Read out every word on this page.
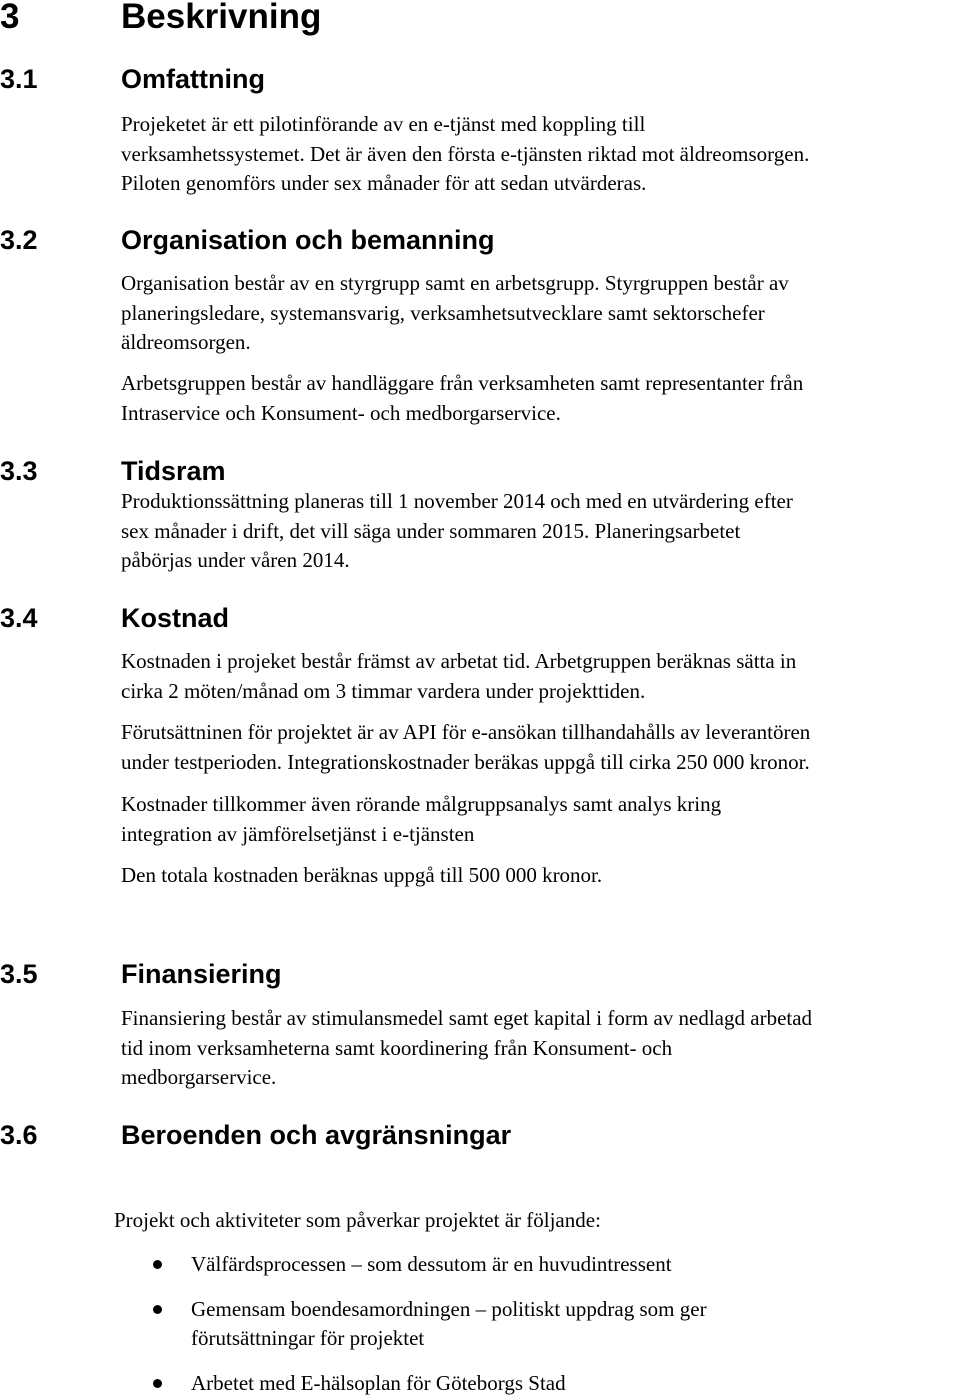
3	Beskrivning
3.1	Omfattning
Projeketet är ett pilotinförande av en e-tjänst med koppling till
verksamhetssystemet. Det är även den första e-tjänsten riktad mot äldreomsorgen.
Piloten genomförs under sex månader för att sedan utvärderas.
3.2	Organisation och bemanning
Organisation består av en styrgrupp samt en arbetsgrupp. Styrgruppen består av
planeringsledare, systemansvarig, verksamhetsutvecklare samt sektorschefer
äldreomsorgen.
Arbetsgruppen består av handläggare från verksamheten samt representanter från
Intraservice och Konsument- och medborgarservice.
3.3	Tidsram
Produktionssättning planeras till 1 november 2014 och med en utvärdering efter
sex månader i drift, det vill säga under sommaren 2015. Planeringsarbetet
påbörjas under våren 2014.
3.4	Kostnad
Kostnaden i projeket består främst av arbetat tid. Arbetgruppen beräknas sätta in
cirka 2 möten/månad om 3 timmar vardera under projekttiden.
Förutsättninen för projektet är av API för e-ansökan tillhandahålls av leverantören
under testperioden. Integrationskostnader beräkas uppgå till cirka 250 000 kronor.
Kostnader tillkommer även rörande målgruppsanalys samt analys kring
integration av jämförelsetjänst i e-tjänsten
Den totala kostnaden beräknas uppgå till 500 000 kronor.
3.5	Finansiering
Finansiering består av stimulansmedel samt eget kapital i form av nedlagd arbetad
tid inom verksamheterna samt koordinering från Konsument- och
medborgarservice.
3.6	Beroenden och avgränsningar
Projekt och aktiviteter som påverkar projektet är följande:
Välfärdsprocessen – som dessutom är en huvudintressent
Gemensam boendesamordningen – politiskt uppdrag som ger
förutsättningar för projektet
Arbetet med E-hälsoplan för Göteborgs Stad
